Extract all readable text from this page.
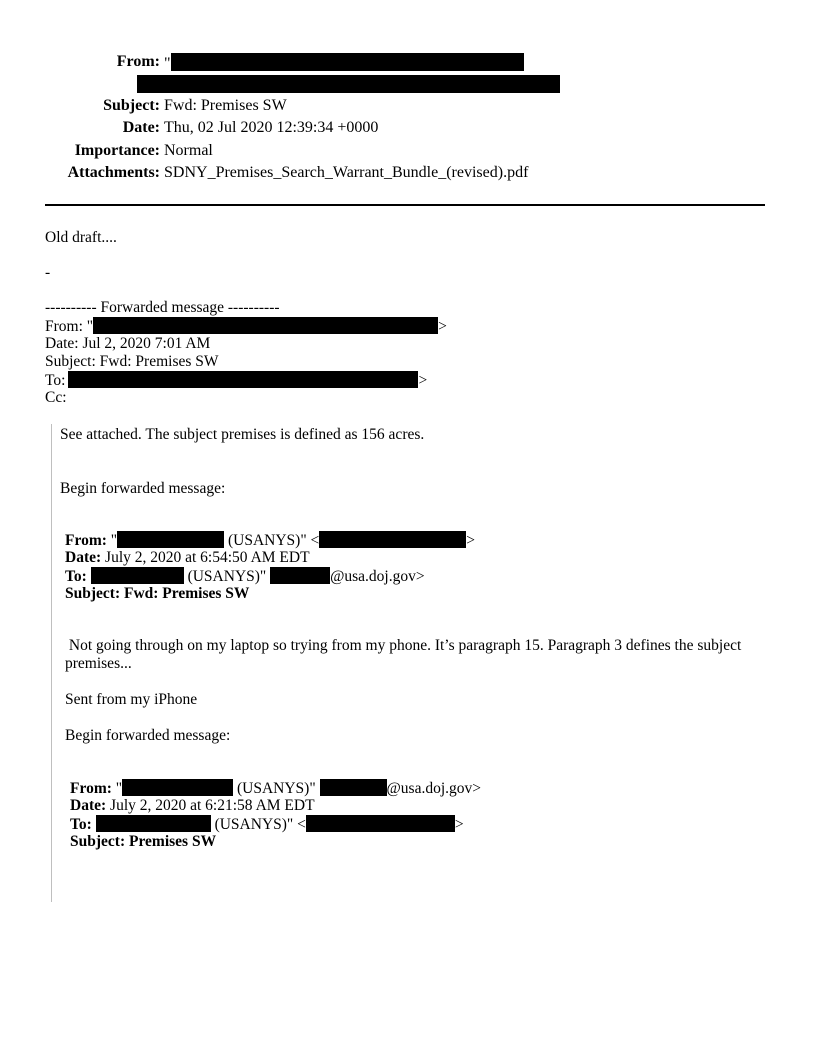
From: "
Subject: Fwd: Premises SW
Date: Thu, 02 Jul 2020 12:39:34 +0000
Importance: Normal
Attachments: SDNY_Premises_Search_Warrant_Bundle_(revised).pdf
Old draft....
-
---------- Forwarded message ----------
From: "	>
Date: Jul 2, 2020 7:01 AM
Subject: Fwd: Premises SW
To:	>
Cc:
See attached. The subject premises is defined as 156 acres.
Begin forwarded message:
From: "	(USANYS)" <	>
Date: July 2, 2020 at 6:54:50 AM EDT
To:	(USANYS)"	@usa.doj.gov>
Subject: Fwd: Premises SW
Not going through on my laptop so trying from my phone. It’s paragraph 15. Paragraph 3 defines the subject
premises...
Sent from my iPhone
Begin forwarded message:
From: "	(USANYS)"	@usa.doj.gov>
Date: July 2, 2020 at 6:21:58 AM EDT
To:	(USANYS)" <	>
Subject: Premises SW
